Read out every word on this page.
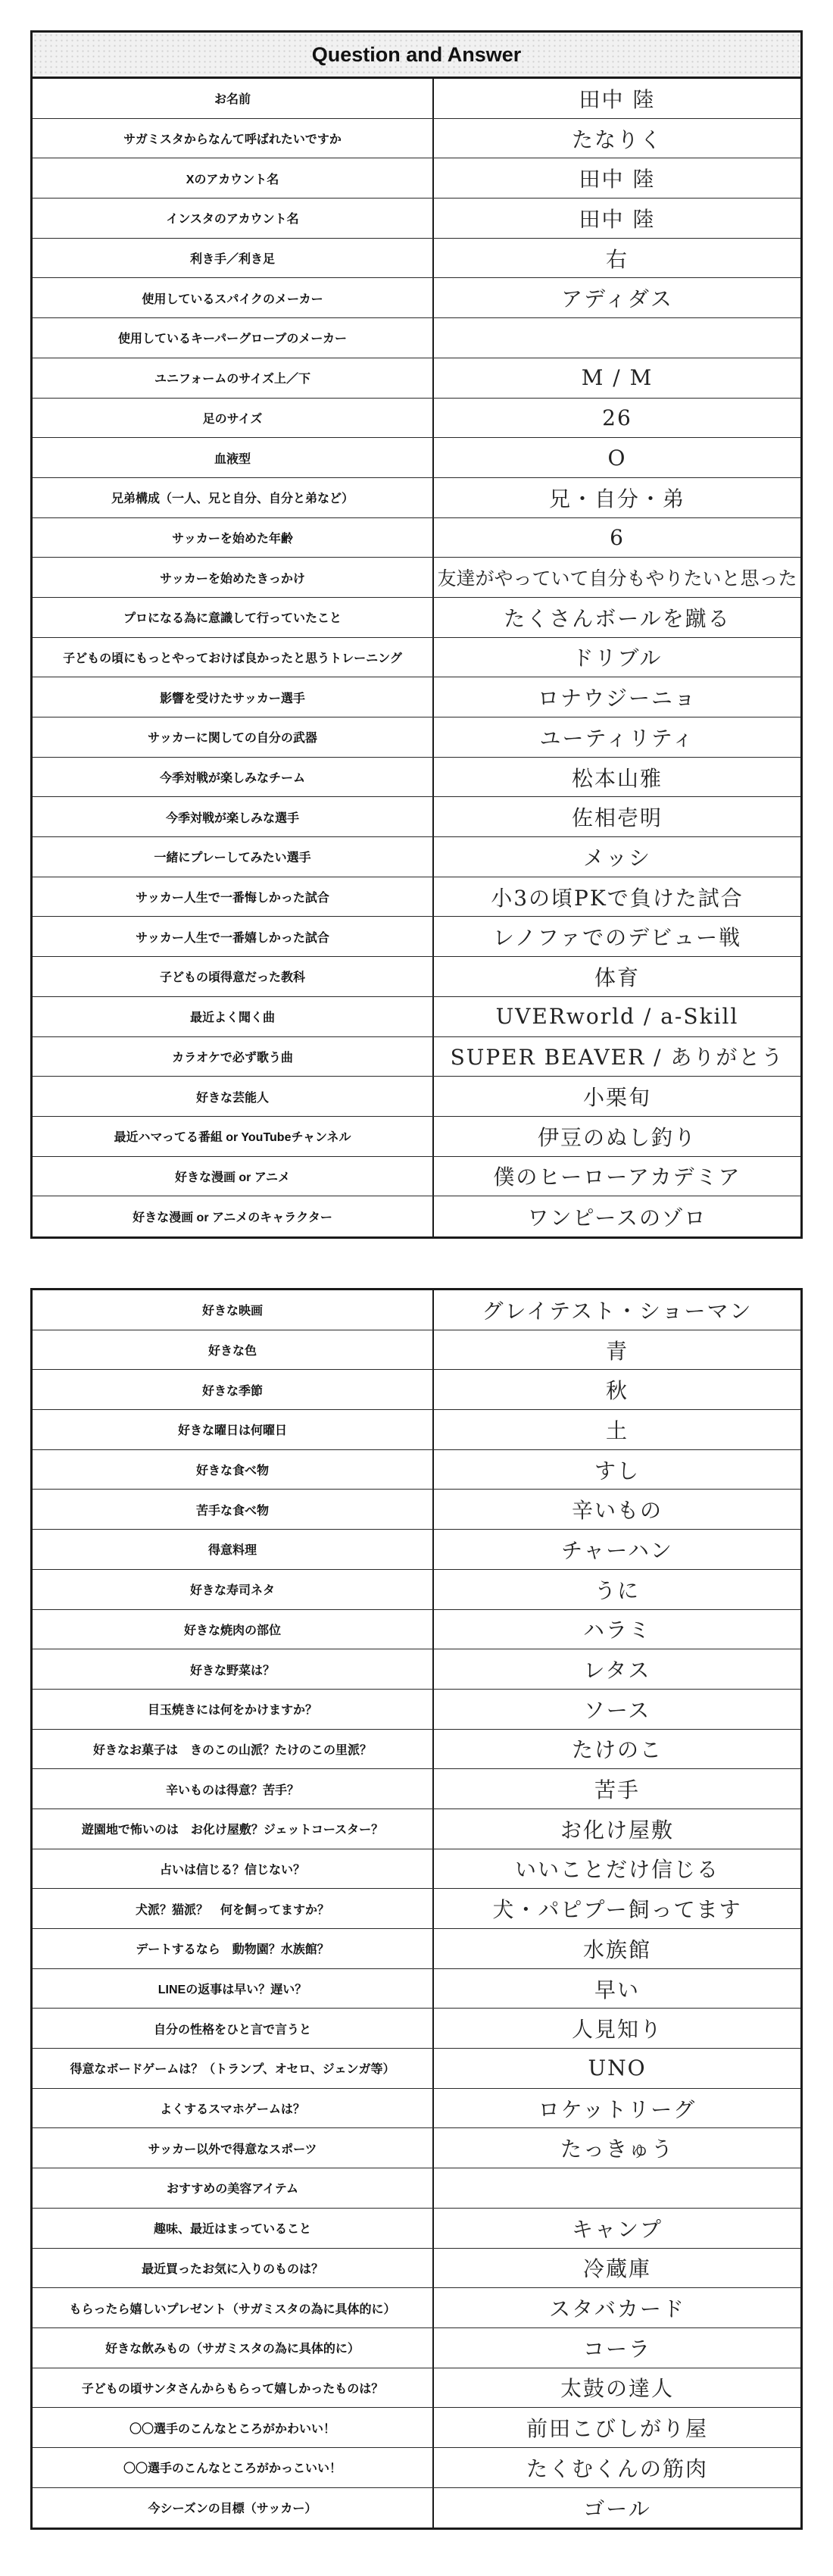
Question and Answer
お名前	田中 陸
サガミスタからなんて呼ばれたいですか	たなりく
Xのアカウント名	田中 陸
インスタのアカウント名	田中 陸
利き手／利き足	右
使用しているスパイクのメーカー	アディダス
使用しているキーパーグローブのメーカー
ユニフォームのサイズ上／下	M / M
足のサイズ	26
血液型	O
兄弟構成（一人、兄と自分、自分と弟など）	兄・自分・弟
サッカーを始めた年齢	6
サッカーを始めたきっかけ	友達がやっていて自分もやりたいと思った
プロになる為に意識して行っていたこと	たくさんボールを蹴る
子どもの頃にもっとやっておけば良かったと思うトレーニング	ドリブル
影響を受けたサッカー選手	ロナウジーニョ
サッカーに関しての自分の武器	ユーティリティ
今季対戦が楽しみなチーム	松本山雅
今季対戦が楽しみな選手	佐相壱明
一緒にプレーしてみたい選手	メッシ
サッカー人生で一番悔しかった試合	小3の頃PKで負けた試合
サッカー人生で一番嬉しかった試合	レノファでのデビュー戦
子どもの頃得意だった教科	体育
最近よく聞く曲	UVERworld / a-Skill
カラオケで必ず歌う曲	SUPER BEAVER / ありがとう
好きな芸能人	小栗旬
最近ハマってる番組 or YouTubeチャンネル	伊豆のぬし釣り
好きな漫画 or アニメ	僕のヒーローアカデミア
好きな漫画 or アニメのキャラクター	ワンピースのゾロ
好きな映画	グレイテスト・ショーマン
好きな色	青
好きな季節	秋
好きな曜日は何曜日	土
好きな食べ物	すし
苦手な食べ物	辛いもの
得意料理	チャーハン
好きな寿司ネタ	うに
好きな焼肉の部位	ハラミ
好きな野菜は？	レタス
目玉焼きには何をかけますか？	ソース
好きなお菓子は　きのこの山派？たけのこの里派？	たけのこ
辛いものは得意？苦手？	苦手
遊園地で怖いのは　お化け屋敷？ジェットコースター？	お化け屋敷
占いは信じる？信じない？	いいことだけ信じる
犬派？猫派？　何を飼ってますか？	犬・パピプー飼ってます
デートするなら　動物園？水族館？	水族館
LINEの返事は早い？遅い？	早い
自分の性格をひと言で言うと	人見知り
得意なボードゲームは？（トランプ、オセロ、ジェンガ等）	UNO
よくするスマホゲームは？	ロケットリーグ
サッカー以外で得意なスポーツ	たっきゅう
おすすめの美容アイテム
趣味、最近はまっていること	キャンプ
最近買ったお気に入りのものは？	冷蔵庫
もらったら嬉しいプレゼント（サガミスタの為に具体的に）	スタバカード
好きな飲みもの（サガミスタの為に具体的に）	コーラ
子どもの頃サンタさんからもらって嬉しかったものは？	太鼓の達人
〇〇選手のこんなところがかわいい！	前田こびしがり屋
〇〇選手のこんなところがかっこいい！	たくむくんの筋肉
今シーズンの目標（サッカー）	ゴール
